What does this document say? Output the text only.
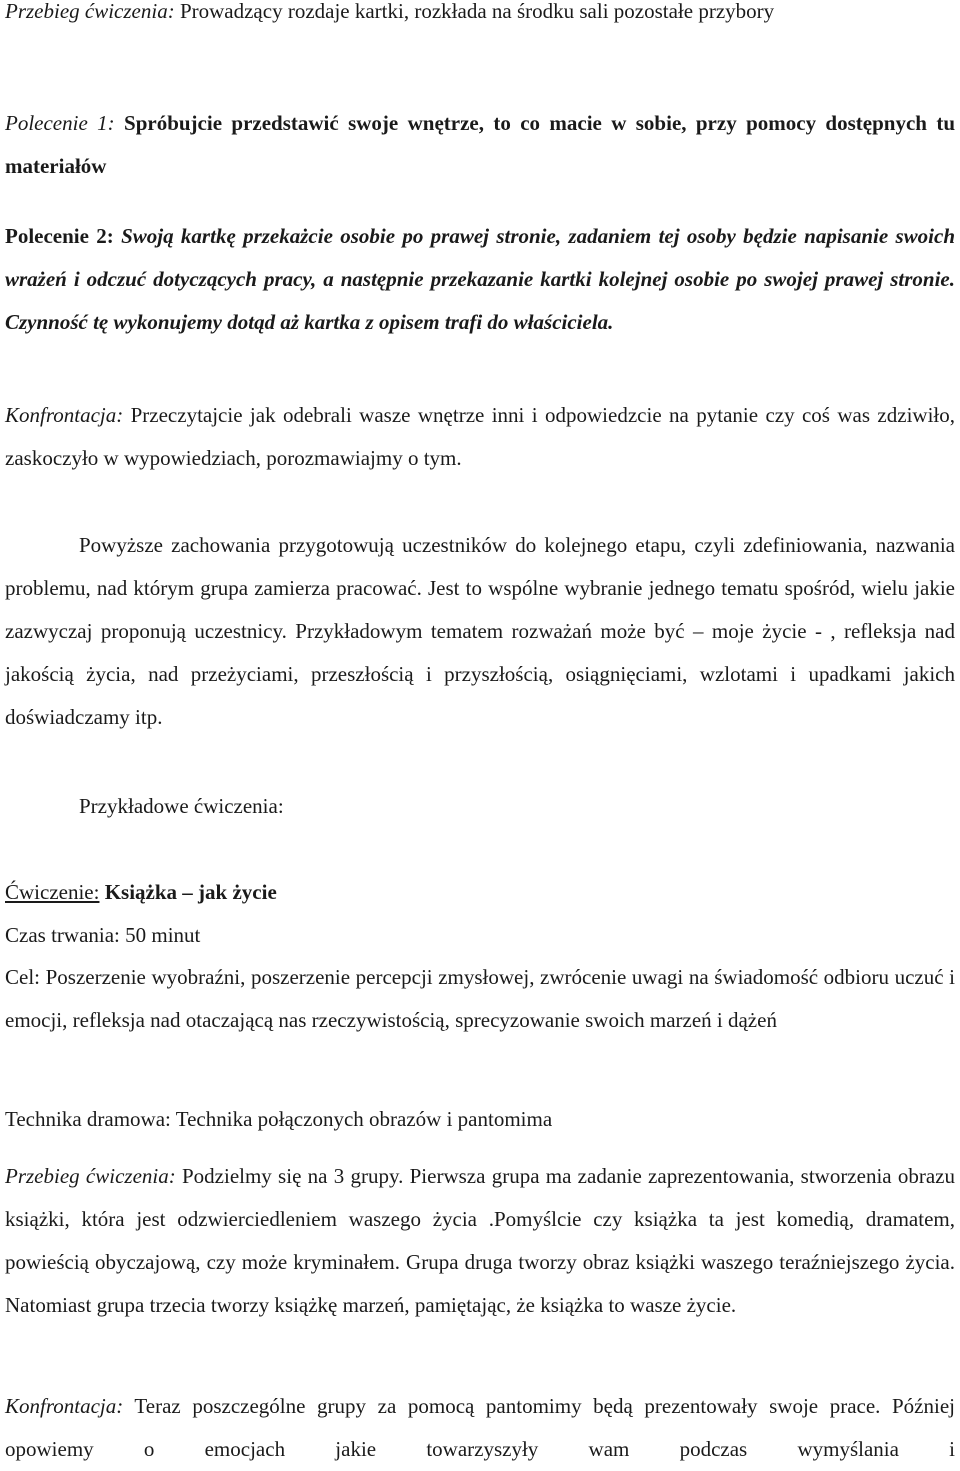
Przebieg ćwiczenia: Prowadzący rozdaje kartki, rozkłada na środku sali pozostałe przybory

Polecenie 1: Spróbujcie przedstawić swoje wnętrze, to co macie w sobie, przy pomocy dostępnych tu materiałów

Polecenie 2: Swoją kartkę przekażcie osobie po prawej stronie, zadaniem tej osoby będzie napisanie swoich wrażeń i odczuć dotyczących pracy, a następnie przekazanie kartki kolejnej osobie po swojej prawej stronie. Czynność tę wykonujemy dotąd aż kartka z opisem trafi do właściciela.

Konfrontacja: Przeczytajcie jak odebrali wasze wnętrze inni i odpowiedzcie na pytanie czy coś was zdziwiło, zaskoczyło w wypowiedziach, porozmawiajmy o tym.

Powyższe zachowania przygotowują uczestników do kolejnego etapu, czyli zdefiniowania, nazwania problemu, nad którym grupa zamierza pracować. Jest to wspólne wybranie jednego tematu spośród, wielu jakie zazwyczaj proponują uczestnicy. Przykładowym tematem rozważań może być – moje życie - , refleksja nad jakością życia, nad przeżyciami, przeszłością i przyszłością, osiągnięciami, wzlotami i upadkami jakich doświadczamy itp.

Przykładowe ćwiczenia:

Ćwiczenie: Książka – jak życie

Czas trwania: 50 minut

Cel: Poszerzenie wyobraźni, poszerzenie percepcji zmysłowej, zwrócenie uwagi na świadomość odbioru uczuć i emocji, refleksja nad otaczającą nas rzeczywistością, sprecyzowanie swoich marzeń i dążeń

Technika dramowa: Technika połączonych obrazów i pantomima

Przebieg ćwiczenia: Podzielmy się na 3 grupy. Pierwsza grupa ma zadanie zaprezentowania, stworzenia obrazu książki, która jest odzwierciedleniem waszego życia .Pomyślcie czy książka ta jest komedią, dramatem, powieścią obyczajową, czy może kryminałem. Grupa druga tworzy obraz książki waszego teraźniejszego życia. Natomiast grupa trzecia tworzy książkę marzeń, pamiętając, że książka to wasze życie.

Konfrontacja: Teraz poszczególne grupy za pomocą pantomimy będą prezentowały swoje prace. Później opowiemy o emocjach jakie towarzyszyły wam podczas wymyślania i
